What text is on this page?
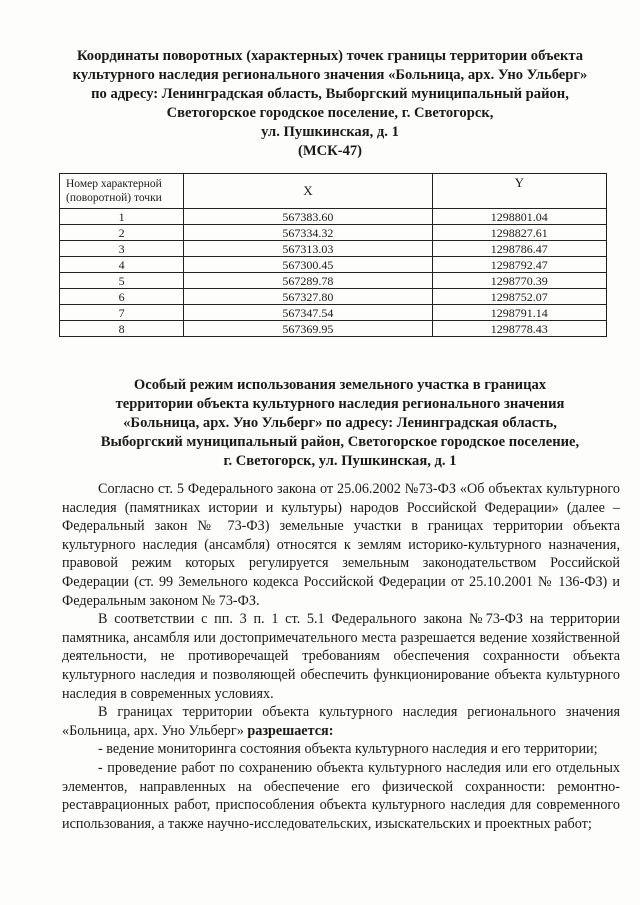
Координаты поворотных (характерных) точек границы территории объекта
культурного наследия регионального значения «Больница, арх. Уно Ульберг»
по адресу: Ленинградская область, Выборгский муниципальный район,
Светогорское городское поселение, г. Светогорск,
ул. Пушкинская, д. 1
(МСК-47)
Номер характерной (поворотной) точки	X	Y
1	567383.60	1298801.04
2	567334.32	1298827.61
3	567313.03	1298786.47
4	567300.45	1298792.47
5	567289.78	1298770.39
6	567327.80	1298752.07
7	567347.54	1298791.14
8	567369.95	1298778.43
Особый режим использования земельного участка в границах
территории объекта культурного наследия регионального значения
«Больница, арх. Уно Ульберг» по адресу: Ленинградская область,
Выборгский муниципальный район, Светогорское городское поселение,
г. Светогорск, ул. Пушкинская, д. 1

Согласно ст. 5 Федерального закона от 25.06.2002 №73-ФЗ «Об объектах культурного наследия (памятниках истории и культуры) народов Российской Федерации» (далее – Федеральный закон № 73-ФЗ) земельные участки в границах территории объекта культурного наследия (ансамбля) относятся к землям историко-культурного назначения, правовой режим которых регулируется земельным законодательством Российской Федерации (ст. 99 Земельного кодекса Российской Федерации от 25.10.2001 № 136-ФЗ) и Федеральным законом № 73-ФЗ.

В соответствии с пп. 3 п. 1 ст. 5.1 Федерального закона №73-ФЗ на территории памятника, ансамбля или достопримечательного места разрешается ведение хозяйственной деятельности, не противоречащей требованиям обеспечения сохранности объекта культурного наследия и позволяющей обеспечить функционирование объекта культурного наследия в современных условиях.

В границах территории объекта культурного наследия регионального значения «Больница, арх. Уно Ульберг» разрешается:

- ведение мониторинга состояния объекта культурного наследия и его территории;

- проведение работ по сохранению объекта культурного наследия или его отдельных элементов, направленных на обеспечение его физической сохранности: ремонтно-реставрационных работ, приспособления объекта культурного наследия для современного использования, а также научно-исследовательских, изыскательских и проектных работ;
